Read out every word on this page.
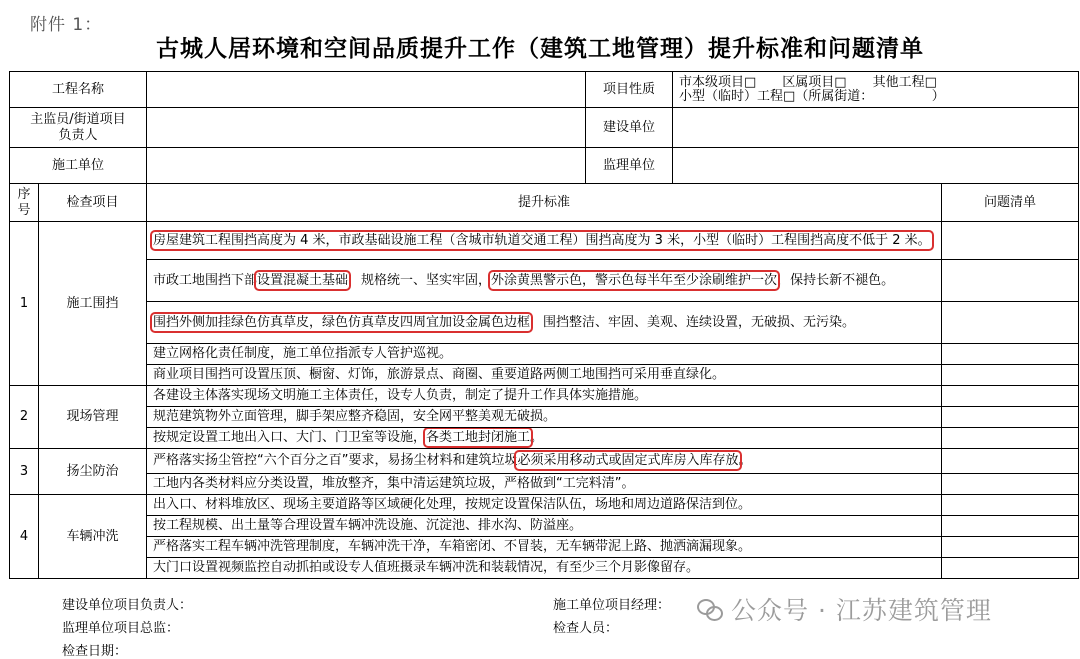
附件 1：
古城人居环境和空间品质提升工作（建筑工地管理）提升标准和问题清单
工程名称			项目性质	市本级项目□　　区属项目□　　其他工程□
小型（临时）工程□（所属街道：　　　　　）	

主监员/街道项目
负责人			建设单位		
施工单位			监理单位		

序
号	检查项目	提升标准			问题清单
1	施工围挡	房屋建筑工程围挡高度为 4 米，市政基础设施工程（含城市轨道交通工程）围挡高度为 3 米，小型（临时）工程围挡高度不低于 2 米。			
		市政工地围挡下部设置混凝土基础，规格统一、坚实牢固，外涂黄黑警示色，警示色每半年至少涂刷维护一次，保持长新不褪色。			
		围挡外侧加挂绿色仿真草皮，绿色仿真草皮四周宜加设金属色边框，围挡整洁、牢固、美观、连续设置，无破损、无污染。			
		建立网格化责任制度，施工单位指派专人管护巡视。			
		商业项目围挡可设置压顶、橱窗、灯饰，旅游景点、商圈、重要道路两侧工地围挡可采用垂直绿化。			
2	现场管理	各建设主体落实现场文明施工主体责任，设专人负责，制定了提升工作具体实施措施。			
		规范建筑物外立面管理，脚手架应整齐稳固，安全网平整美观无破损。			
		按规定设置工地出入口、大门、门卫室等设施，各类工地封闭施工。			
3	扬尘防治	严格落实扬尘管控“六个百分之百”要求，易扬尘材料和建筑垃圾必须采用移动式或固定式库房入库存放。			
		工地内各类材料应分类设置，堆放整齐，集中清运建筑垃圾，严格做到“工完料清”。			
4	车辆冲洗	出入口、材料堆放区、现场主要道路等区域硬化处理，按规定设置保洁队伍，场地和周边道路保洁到位。			
		按工程规模、出土量等合理设置车辆冲洗设施、沉淀池、排水沟、防溢座。			
		严格落实工程车辆冲洗管理制度，车辆冲洗干净，车箱密闭、不冒装，无车辆带泥上路、抛洒滴漏现象。			
		大门口设置视频监控自动抓拍或设专人值班摄录车辆冲洗和装载情况，有至少三个月影像留存。			
建设单位项目负责人：
监理单位项目总监：
检查日期：
施工单位项目经理：
检查人员：
公众号 · 江苏建筑管理
